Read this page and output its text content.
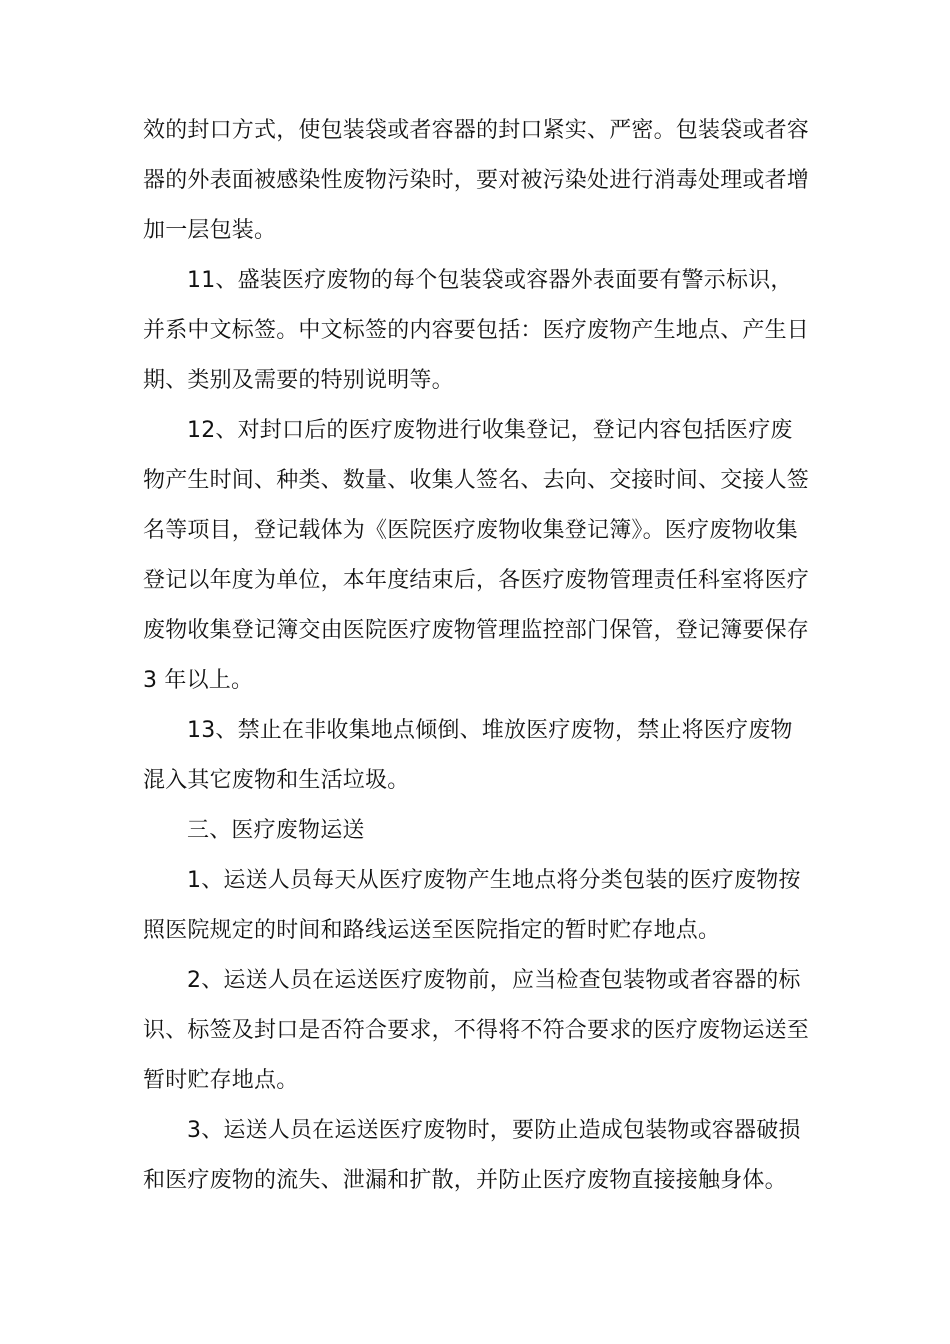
效的封口方式，使包装袋或者容器的封口紧实、严密。包装袋或者容
器的外表面被感染性废物污染时，要对被污染处进行消毒处理或者增
加一层包装。
11、盛装医疗废物的每个包装袋或容器外表面要有警示标识，
并系中文标签。中文标签的内容要包括：医疗废物产生地点、产生日
期、类别及需要的特别说明等。
12、对封口后的医疗废物进行收集登记，登记内容包括医疗废
物产生时间、种类、数量、收集人签名、去向、交接时间、交接人签
名等项目，登记载体为《医院医疗废物收集登记簿》。医疗废物收集
登记以年度为单位，本年度结束后，各医疗废物管理责任科室将医疗
废物收集登记簿交由医院医疗废物管理监控部门保管，登记簿要保存
3 年以上。
13、禁止在非收集地点倾倒、堆放医疗废物，禁止将医疗废物
混入其它废物和生活垃圾。
三、医疗废物运送
1、运送人员每天从医疗废物产生地点将分类包装的医疗废物按
照医院规定的时间和路线运送至医院指定的暂时贮存地点。
2、运送人员在运送医疗废物前，应当检查包装物或者容器的标
识、标签及封口是否符合要求，不得将不符合要求的医疗废物运送至
暂时贮存地点。
3、运送人员在运送医疗废物时，要防止造成包装物或容器破损
和医疗废物的流失、泄漏和扩散，并防止医疗废物直接接触身体。
